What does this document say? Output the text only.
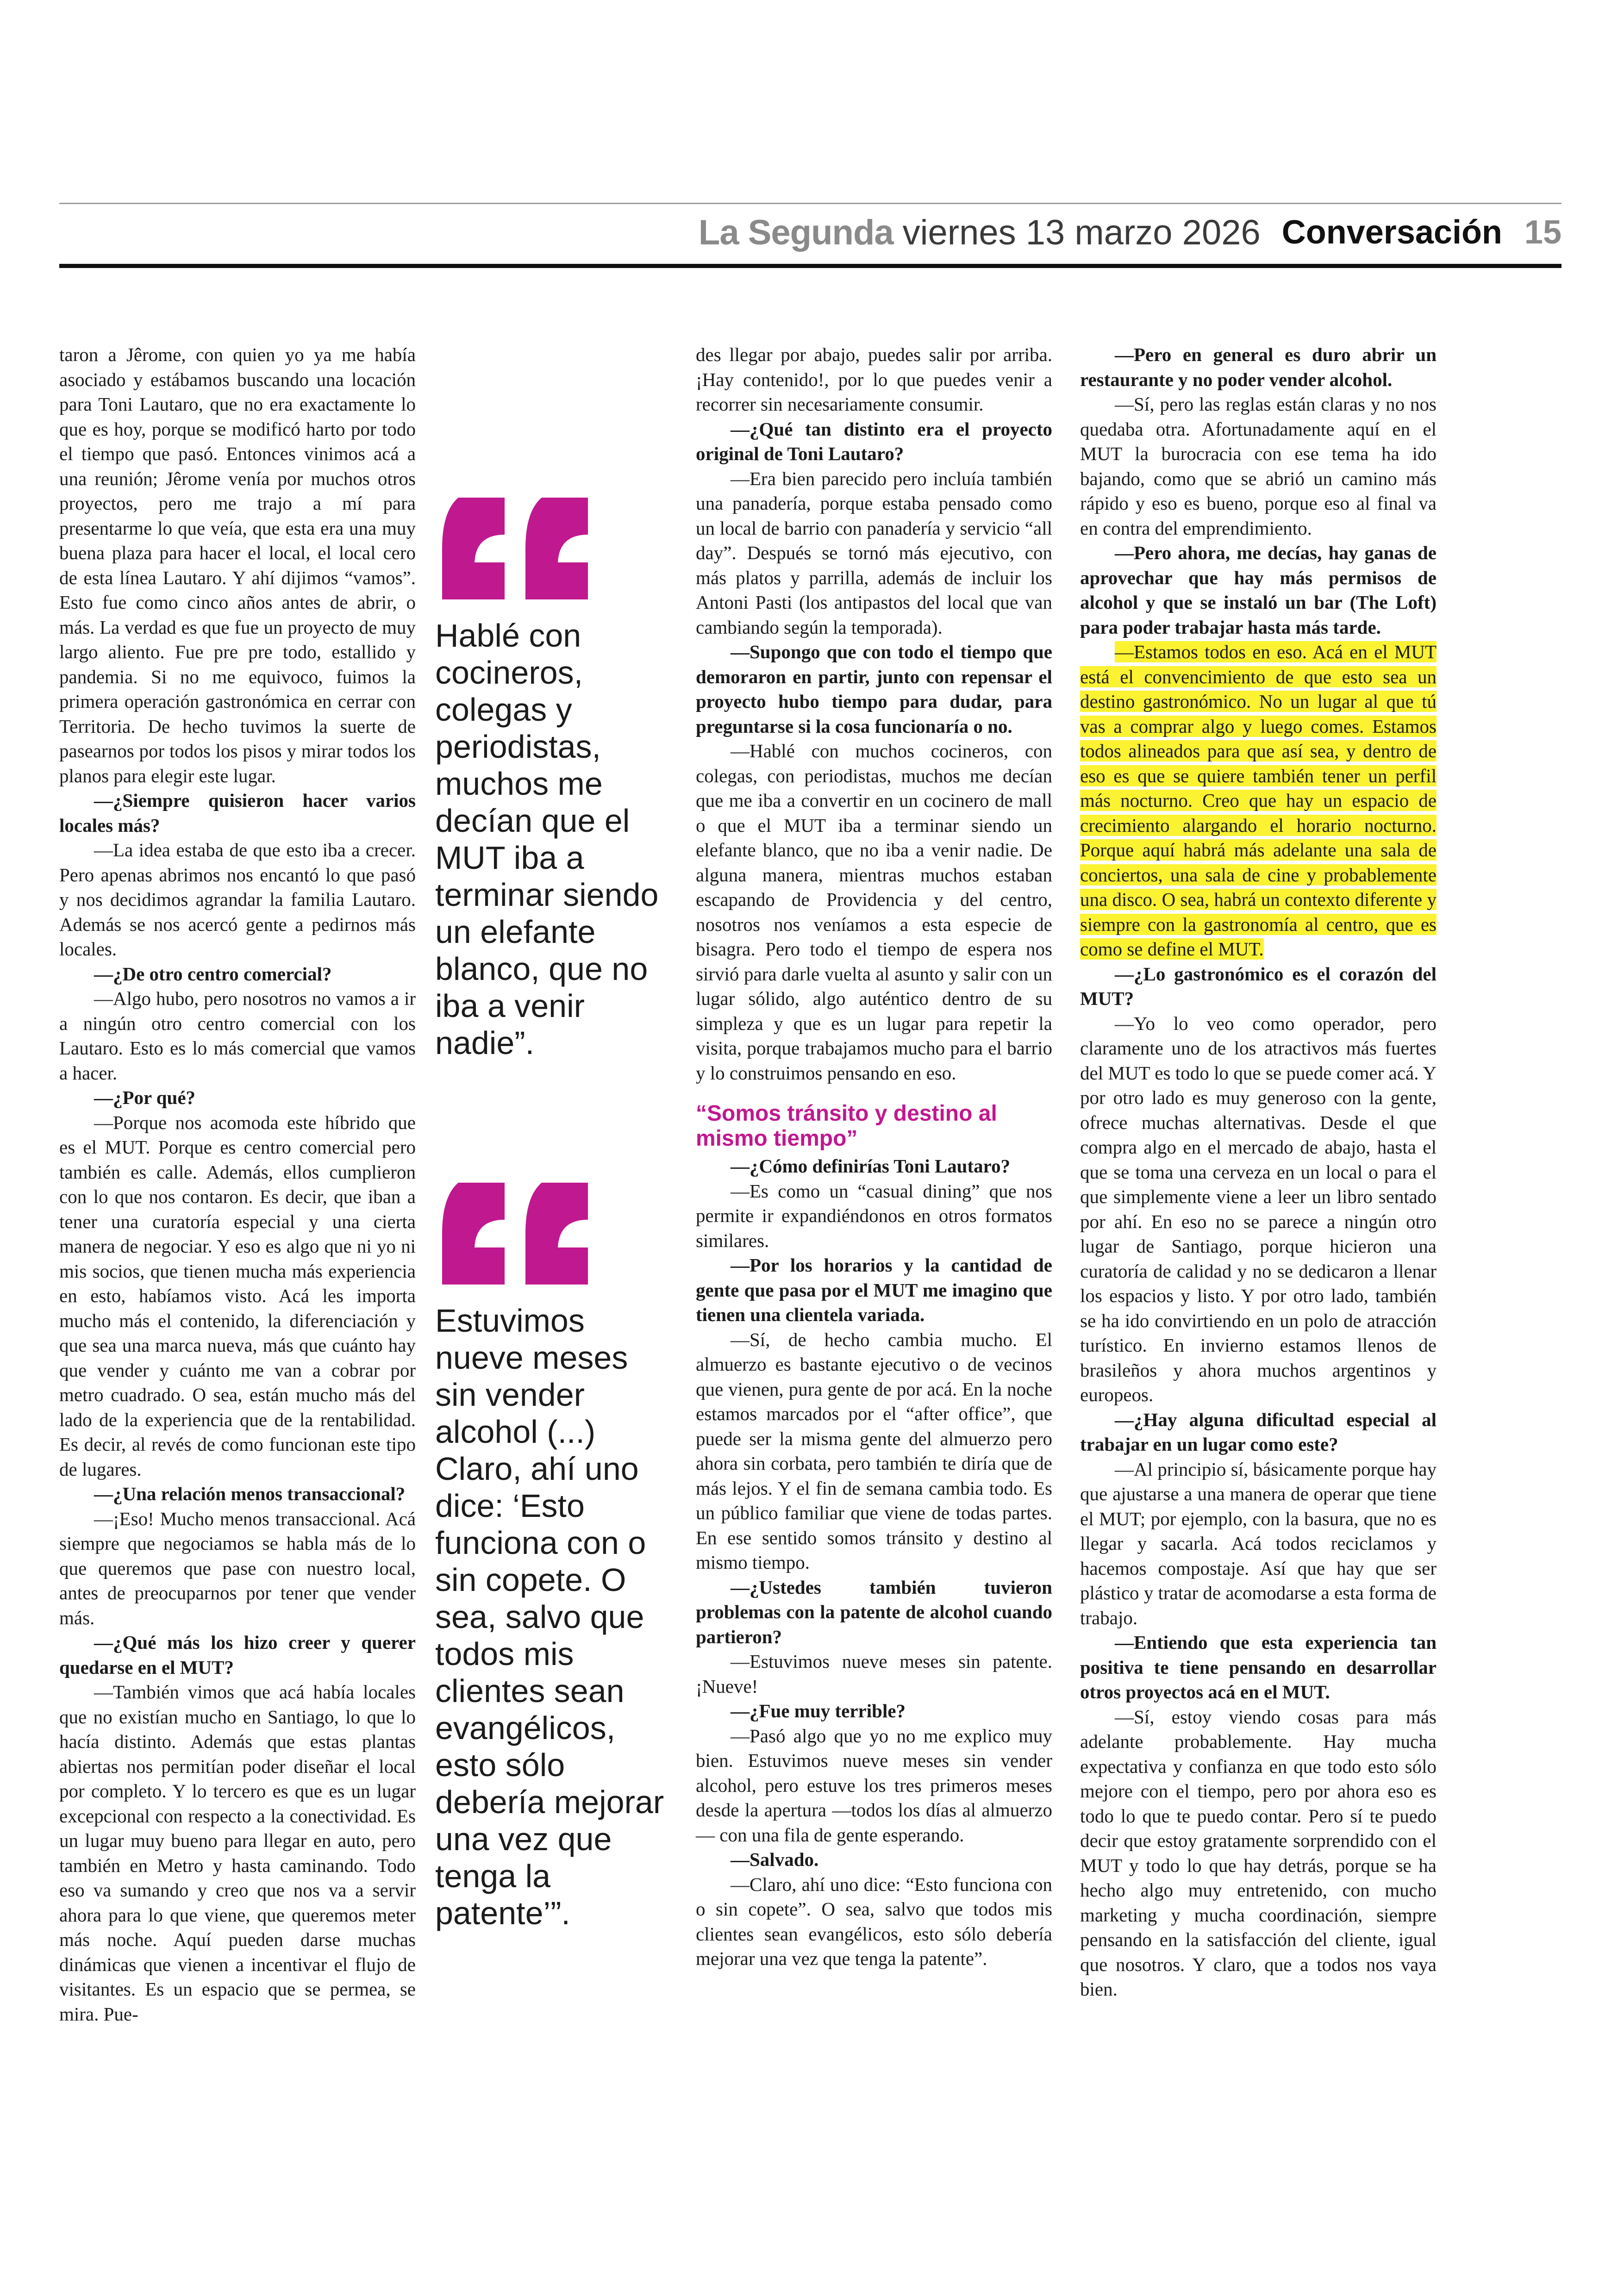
La Segunda viernes 13 marzo 2026 Conversación 15

taron a Jêrome, con quien yo ya me había asociado y estábamos buscando una locación para Toni Lautaro, que no era exactamente lo que es hoy, porque se modificó harto por todo el tiempo que pasó. Entonces vinimos acá a una reunión; Jêrome venía por muchos otros proyectos, pero me trajo a mí para presentarme lo que veía, que esta era una muy buena plaza para hacer el local, el local cero de esta línea Lautaro. Y ahí dijimos “vamos”. Esto fue como cinco años antes de abrir, o más. La verdad es que fue un proyecto de muy largo aliento. Fue pre pre todo, estallido y pandemia. Si no me equivoco, fuimos la primera operación gastronómica en cerrar con Territoria. De hecho tuvimos la suerte de pasearnos por todos los pisos y mirar todos los planos para elegir este lugar.

—¿Siempre quisieron hacer varios locales más?

—La idea estaba de que esto iba a crecer. Pero apenas abrimos nos encantó lo que pasó y nos decidimos agrandar la familia Lautaro. Además se nos acercó gente a pedirnos más locales.

—¿De otro centro comercial?

—Algo hubo, pero nosotros no vamos a ir a ningún otro centro comercial con los Lautaro. Esto es lo más comercial que vamos a hacer.

—¿Por qué?

—Porque nos acomoda este híbrido que es el MUT. Porque es centro comercial pero también es calle. Además, ellos cumplieron con lo que nos contaron. Es decir, que iban a tener una curatoría especial y una cierta manera de negociar. Y eso es algo que ni yo ni mis socios, que tienen mucha más experiencia en esto, habíamos visto. Acá les importa mucho más el contenido, la diferenciación y que sea una marca nueva, más que cuánto hay que vender y cuánto me van a cobrar por metro cuadrado. O sea, están mucho más del lado de la experiencia que de la rentabilidad. Es decir, al revés de como funcionan este tipo de lugares.

—¿Una relación menos transaccional?

—¡Eso! Mucho menos transaccional. Acá siempre que negociamos se habla más de lo que queremos que pase con nuestro local, antes de preocuparnos por tener que vender más.

—¿Qué más los hizo creer y querer quedarse en el MUT?

—También vimos que acá había locales que no existían mucho en Santiago, lo que lo hacía distinto. Además que estas plantas abiertas nos permitían poder diseñar el local por completo. Y lo tercero es que es un lugar excepcional con respecto a la conectividad. Es un lugar muy bueno para llegar en auto, pero también en Metro y hasta caminando. Todo eso va sumando y creo que nos va a servir ahora para lo que viene, que queremos meter más noche. Aquí pueden darse muchas dinámicas que vienen a incentivar el flujo de visitantes. Es un espacio que se permea, se mira. Pue-

Hablé con cocineros, colegas y periodistas, muchos me decían que el MUT iba a terminar siendo un elefante blanco, que no iba a venir nadie”.
Estuvimos nueve meses sin vender alcohol (...) Claro, ahí uno dice: ‘Esto funciona con o sin copete. O sea, salvo que todos mis clientes sean evangélicos, esto sólo debería mejorar una vez que tenga la patente’”.

des llegar por abajo, puedes salir por arriba. ¡Hay contenido!, por lo que puedes venir a recorrer sin necesariamente consumir.

—¿Qué tan distinto era el proyecto original de Toni Lautaro?

—Era bien parecido pero incluía también una panadería, porque estaba pensado como un local de barrio con panadería y servicio “all day”. Después se tornó más ejecutivo, con más platos y parrilla, además de incluir los Antoni Pasti (los antipastos del local que van cambiando según la temporada).

—Supongo que con todo el tiempo que demoraron en partir, junto con repensar el proyecto hubo tiempo para dudar, para preguntarse si la cosa funcionaría o no.

—Hablé con muchos cocineros, con colegas, con periodistas, muchos me decían que me iba a convertir en un cocinero de mall o que el MUT iba a terminar siendo un elefante blanco, que no iba a venir nadie. De alguna manera, mientras muchos estaban escapando de Providencia y del centro, nosotros nos veníamos a esta especie de bisagra. Pero todo el tiempo de espera nos sirvió para darle vuelta al asunto y salir con un lugar sólido, algo auténtico dentro de su simpleza y que es un lugar para repetir la visita, porque trabajamos mucho para el barrio y lo construimos pensando en eso.

“Somos tránsito y destino al mismo tiempo”

—¿Cómo definirías Toni Lautaro?

—Es como un “casual dining” que nos permite ir expandiéndonos en otros formatos similares.

—Por los horarios y la cantidad de gente que pasa por el MUT me imagino que tienen una clientela variada.

—Sí, de hecho cambia mucho. El almuerzo es bastante ejecutivo o de vecinos que vienen, pura gente de por acá. En la noche estamos marcados por el “after office”, que puede ser la misma gente del almuerzo pero ahora sin corbata, pero también te diría que de más lejos. Y el fin de semana cambia todo. Es un público familiar que viene de todas partes. En ese sentido somos tránsito y destino al mismo tiempo.

—¿Ustedes también tuvieron problemas con la patente de alcohol cuando partieron?

—Estuvimos nueve meses sin patente. ¡Nueve!

—¿Fue muy terrible?

—Pasó algo que yo no me explico muy bien. Estuvimos nueve meses sin vender alcohol, pero estuve los tres primeros meses desde la apertura —todos los días al almuerzo— con una fila de gente esperando.

—Salvado.

—Claro, ahí uno dice: “Esto funciona con o sin copete”. O sea, salvo que todos mis clientes sean evangélicos, esto sólo debería mejorar una vez que tenga la patente”.

—Pero en general es duro abrir un restaurante y no poder vender alcohol.

—Sí, pero las reglas están claras y no nos quedaba otra. Afortunadamente aquí en el MUT la burocracia con ese tema ha ido bajando, como que se abrió un camino más rápido y eso es bueno, porque eso al final va en contra del emprendimiento.

—Pero ahora, me decías, hay ganas de aprovechar que hay más permisos de alcohol y que se instaló un bar (The Loft) para poder trabajar hasta más tarde.

—Estamos todos en eso. Acá en el MUT está el convencimiento de que esto sea un destino gastronómico. No un lugar al que tú vas a comprar algo y luego comes. Estamos todos alineados para que así sea, y dentro de eso es que se quiere también tener un perfil más nocturno. Creo que hay un espacio de crecimiento alargando el horario nocturno. Porque aquí habrá más adelante una sala de conciertos, una sala de cine y probablemente una disco. O sea, habrá un contexto diferente y siempre con la gastronomía al centro, que es como se define el MUT.

—¿Lo gastronómico es el corazón del MUT?

—Yo lo veo como operador, pero claramente uno de los atractivos más fuertes del MUT es todo lo que se puede comer acá. Y por otro lado es muy generoso con la gente, ofrece muchas alternativas. Desde el que compra algo en el mercado de abajo, hasta el que se toma una cerveza en un local o para el que simplemente viene a leer un libro sentado por ahí. En eso no se parece a ningún otro lugar de Santiago, porque hicieron una curatoría de calidad y no se dedicaron a llenar los espacios y listo. Y por otro lado, también se ha ido convirtiendo en un polo de atracción turístico. En invierno estamos llenos de brasileños y ahora muchos argentinos y europeos.

—¿Hay alguna dificultad especial al trabajar en un lugar como este?

—Al principio sí, básicamente porque hay que ajustarse a una manera de operar que tiene el MUT; por ejemplo, con la basura, que no es llegar y sacarla. Acá todos reciclamos y hacemos compostaje. Así que hay que ser plástico y tratar de acomodarse a esta forma de trabajo.

—Entiendo que esta experiencia tan positiva te tiene pensando en desarrollar otros proyectos acá en el MUT.

—Sí, estoy viendo cosas para más adelante probablemente. Hay mucha expectativa y confianza en que todo esto sólo mejore con el tiempo, pero por ahora eso es todo lo que te puedo contar. Pero sí te puedo decir que estoy gratamente sorprendido con el MUT y todo lo que hay detrás, porque se ha hecho algo muy entretenido, con mucho marketing y mucha coordinación, siempre pensando en la satisfacción del cliente, igual que nosotros. Y claro, que a todos nos vaya bien.
